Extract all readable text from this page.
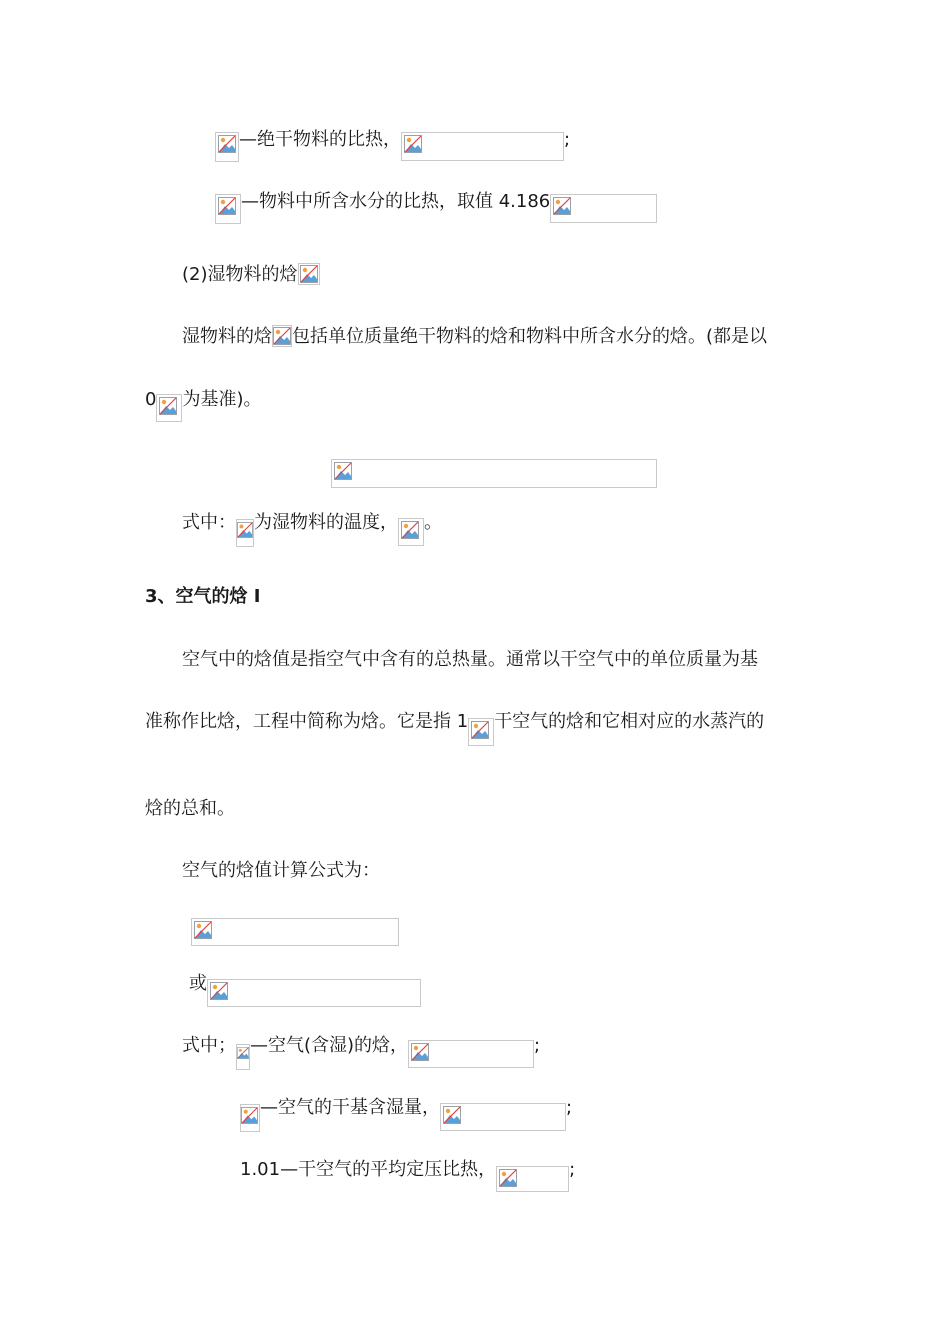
—绝干物料的比热，	;
—物料中所含水分的比热，取值 4.186
(2)湿物料的焓
湿物料的焓 包括单位质量绝干物料的焓和物料中所含水分的焓。(都是以
0 为基准)。
式中： 为湿物料的温度， 。
3、空气的焓 I
空气中的焓值是指空气中含有的总热量。通常以干空气中的单位质量为基
准称作比焓，工程中简称为焓。它是指 1 干空气的焓和它相对应的水蒸汽的
焓的总和。
空气的焓值计算公式为：
或
式中； —空气(含湿)的焓，	;
—空气的干基含湿量，	;
1.01—干空气的平均定压比热，	;
